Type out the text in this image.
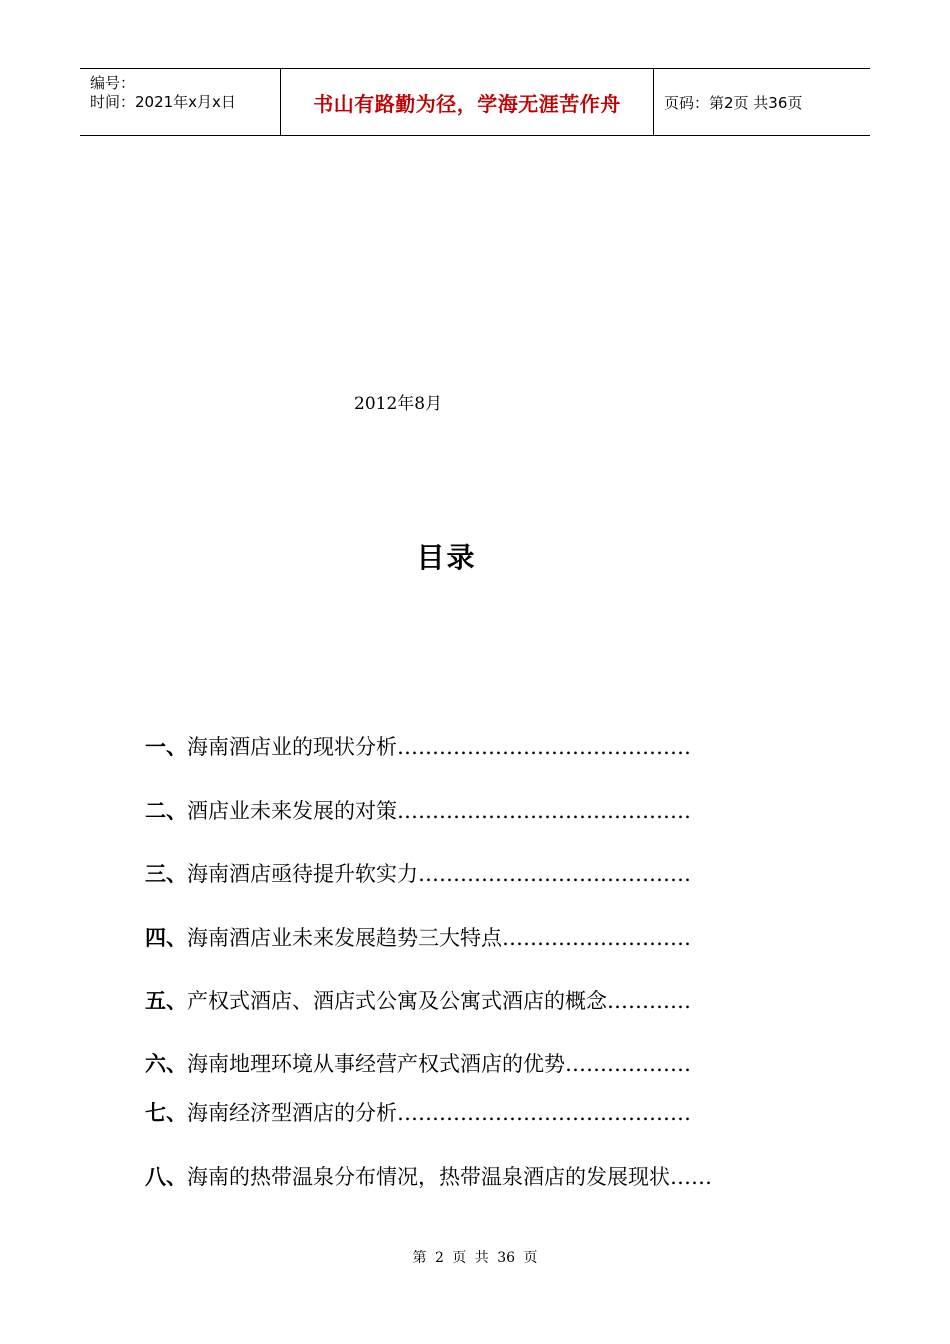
编号：
时间：2021年x月x日	书山有路勤为径，学海无涯苦作舟	页码：第2页 共36页
2012年8月
目录
一、海南酒店业的现状分析……………………………………
二、酒店业未来发展的对策……………………………………
三、海南酒店亟待提升软实力…………………………………
四、海南酒店业未来发展趋势三大特点………………………
五、产权式酒店、酒店式公寓及公寓式酒店的概念…………
六、海南地理环境从事经营产权式酒店的优势………………
七、海南经济型酒店的分析……………………………………
八、海南的热带温泉分布情况，热带温泉酒店的发展现状……
第 2 页 共 36 页
